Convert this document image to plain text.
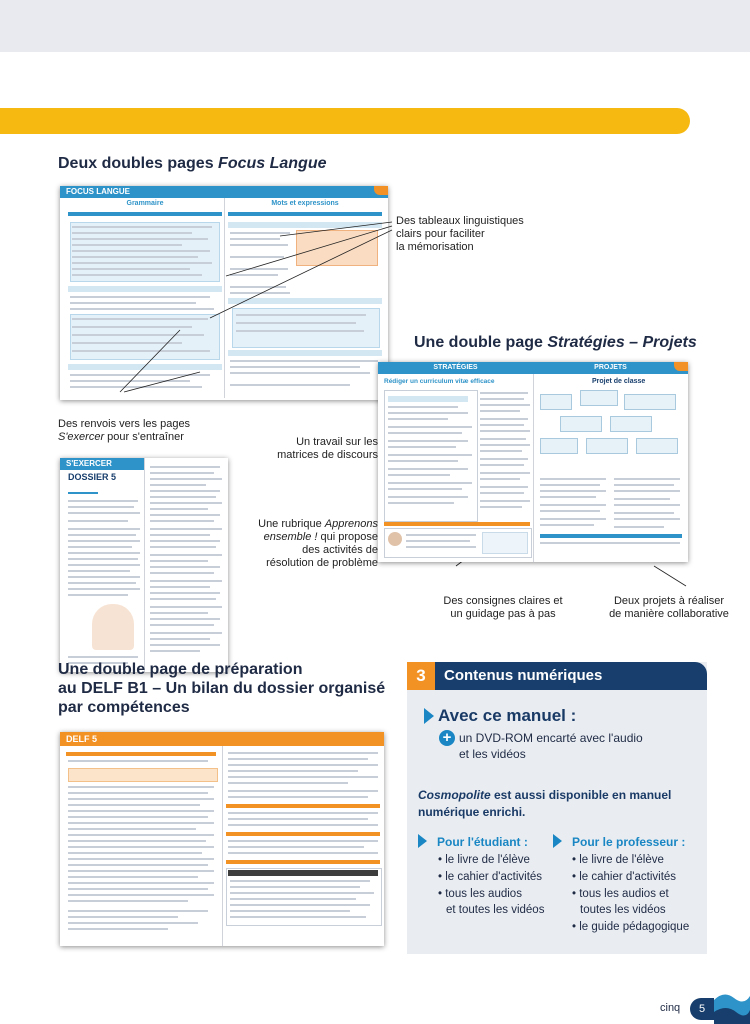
Deux doubles pages Focus Langue
FOCUS LANGUE
Grammaire	Mots et expressions
Des tableaux linguistiques
clairs pour faciliter
la mémorisation
Des renvois vers les pages
S'exercer pour s'entraîner
S'EXERCER
DOSSIER 5
Une double page Stratégies – Projets
STRATÉGIES	PROJETS
Rédiger un curriculum vitæ efficace	Projet de classe
Un travail sur les
matrices de discours
Une rubrique Apprenons
ensemble ! qui propose
des activités de
résolution de problème
Des consignes claires et
un guidage pas à pas
Deux projets à réaliser
de manière collaborative
Une double page de préparation
au DELF B1 – Un bilan du dossier organisé
par compétences
DELF 5
3	Contenus numériques
Avec ce manuel :
+ un DVD-ROM encarté avec l'audio
et les vidéos
Cosmopolite est aussi disponible en manuel numérique enrichi.
Pour l'étudiant :
• le livre de l'élève
• le cahier d'activités
• tous les audios
et toutes les vidéos
Pour le professeur :
• le livre de l'élève
• le cahier d'activités
• tous les audios et
toutes les vidéos
• le guide pédagogique
cinq	5
